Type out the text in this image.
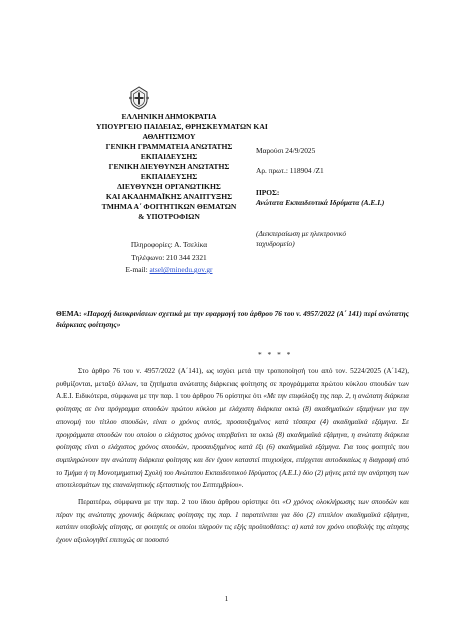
ΕΛΛΗΝΙΚΗ ΔΗΜΟΚΡΑΤΙΑ
ΥΠΟΥΡΓΕΙΟ ΠΑΙΔΕΙΑΣ, ΘΡΗΣΚΕΥΜΑΤΩΝ ΚΑΙ
ΑΘΛΗΤΙΣΜΟΥ
ΓΕΝΙΚΗ ΓΡΑΜΜΑΤΕΙΑ ΑΝΩΤΑΤΗΣ
ΕΚΠΑΙΔΕΥΣΗΣ
ΓΕΝΙΚΗ ΔΙΕΥΘΥΝΣΗ ΑΝΩΤΑΤΗΣ
ΕΚΠΑΙΔΕΥΣΗΣ
ΔΙΕΥΘΥΝΣΗ ΟΡΓΑΝΩΤΙΚΗΣ
ΚΑΙ ΑΚΑΔΗΜΑΪΚΗΣ ΑΝΑΠΤΥΞΗΣ
ΤΜΗΜΑ Α΄ ΦΟΙΤΗΤΙΚΩΝ ΘΕΜΑΤΩΝ
& ΥΠΟΤΡΟΦΙΩΝ
Πληροφορίες: Α. Τσελίκα
Τηλέφωνο: 210 344 2321
E-mail: atsel@minedu.gov.gr
Μαρούσι 24/9/2025
Αρ. πρωτ.: 118904 /Ζ1
ΠΡΟΣ:
Ανώτατα Εκπαιδευτικά Ιδρύματα (Α.Ε.Ι.)
(Διεκπεραίωση με ηλεκτρονικό ταχυδρομείο)
ΘΕΜΑ: «Παροχή διευκρινίσεων σχετικά με την εφαρμογή του άρθρου 76 του ν. 4957/2022 (Α΄ 141) περί ανώτατης διάρκειας φοίτησης»
* * * *

Στο άρθρο 76 του ν. 4957/2022 (Α΄141), ως ισχύει μετά την τροποποίησή του από τον. 5224/2025 (Α΄142), ρυθμίζονται, μεταξύ άλλων, τα ζητήματα ανώτατης διάρκειας φοίτησης σε προγράμματα πρώτου κύκλου σπουδών των Α.Ε.Ι. Ειδικότερα, σύμφωνα με την παρ. 1 του άρθρου 76 ορίστηκε ότι «Με την επιφύλαξη της παρ. 2, η ανώτατη διάρκεια φοίτησης σε ένα πρόγραμμα σπουδών πρώτου κύκλου με ελάχιστη διάρκεια οκτώ (8) ακαδημαϊκών εξαμήνων για την απονομή του τίτλου σπουδών, είναι ο χρόνος αυτός, προσαυξημένος κατά τέσσερα (4) ακαδημαϊκά εξάμηνα. Σε προγράμματα σπουδών του οποίου ο ελάχιστος χρόνος υπερβαίνει τα οκτώ (8) ακαδημαϊκά εξάμηνα, η ανώτατη διάρκεια φοίτησης είναι ο ελάχιστος χρόνος σπουδών, προσαυξημένος κατά έξι (6) ακαδημαϊκά εξάμηνα. Για τους φοιτητές που συμπληρώνουν την ανώτατη διάρκεια φοίτησης και δεν έχουν καταστεί πτυχιούχοι, επέρχεται αυτοδικαίως η διαγραφή από το Τμήμα ή τη Μονοτμηματική Σχολή του Ανώτατου Εκπαιδευτικού Ιδρύματος (Α.Ε.Ι.) δύο (2) μήνες μετά την ανάρτηση των αποτελεσμάτων της επαναληπτικής εξεταστικής του Σεπτεμβρίου».

Περαιτέρω, σύμφωνα με την παρ. 2 του ίδιου άρθρου ορίστηκε ότι «Ο χρόνος ολοκλήρωσης των σπουδών και πέραν της ανώτατης χρονικής διάρκειας φοίτησης της παρ. 1 παρατείνεται για δύο (2) επιπλέον ακαδημαϊκά εξάμηνα, κατόπιν υποβολής αίτησης, σε φοιτητές οι οποίοι πληρούν τις εξής προϋποθέσεις: α) κατά τον χρόνο υποβολής της αίτησης έχουν αξιολογηθεί επιτυχώς σε ποσοστό

1
